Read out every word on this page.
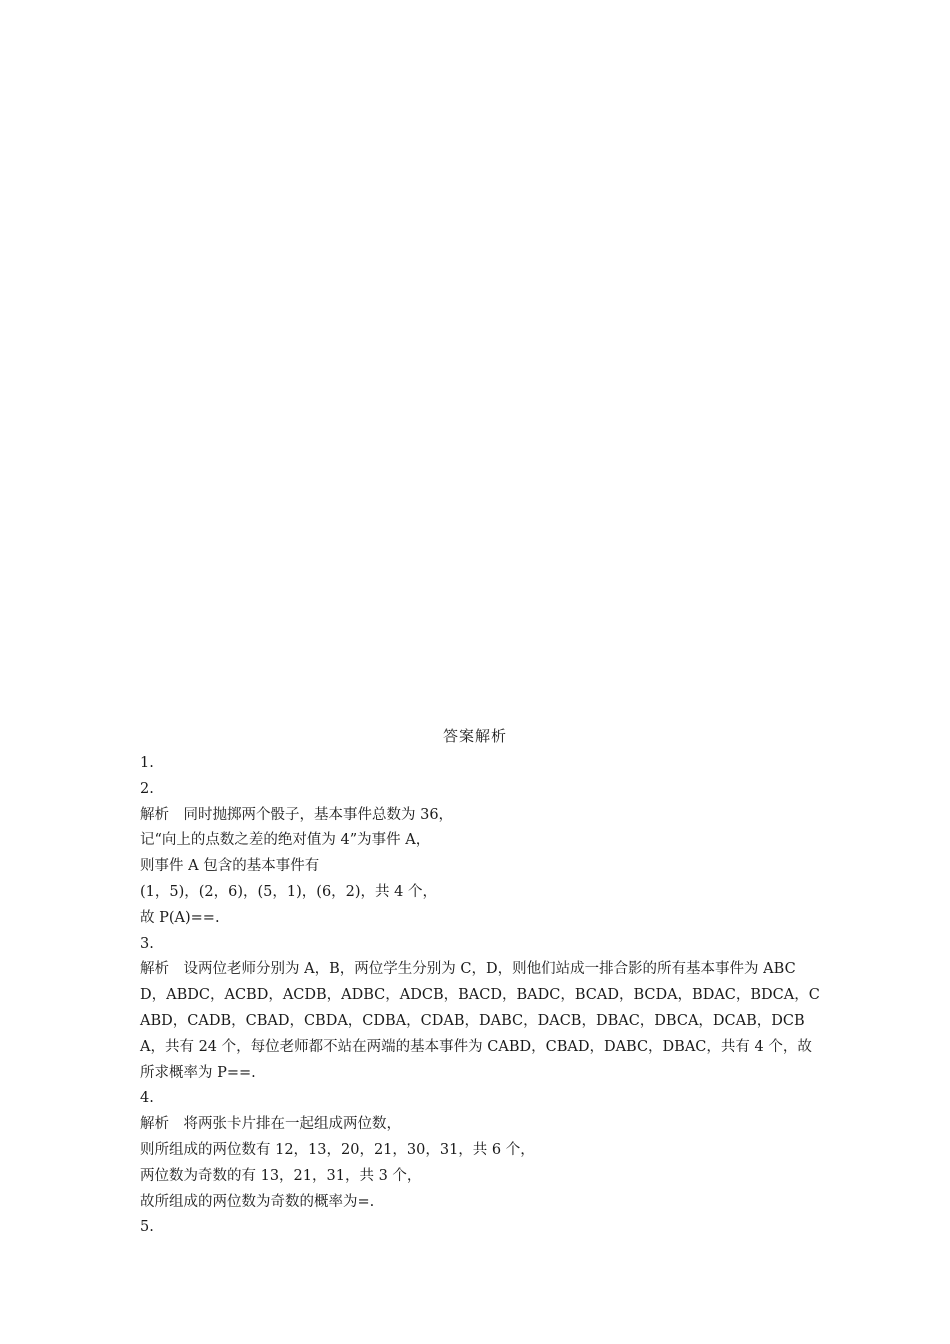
答案解析

1.

2.

解析　同时抛掷两个骰子，基本事件总数为 36，

记“向上的点数之差的绝对值为 4”为事件 A，

则事件 A 包含的基本事件有

(1，5)，(2，6)，(5，1)，(6，2)，共 4 个，

故 P(A)==.

3.

解析　设两位老师分别为 A，B，两位学生分别为 C，D，则他们站成一排合影的所有基本事件为 ABCD，ABDC，ACBD，ACDB，ADBC，ADCB，BACD，BADC，BCAD，BCDA，BDAC，BDCA，CABD，CADB，CBAD，CBDA，CDBA，CDAB，DABC，DACB，DBAC，DBCA，DCAB，DCBA，共有 24 个，每位老师都不站在两端的基本事件为 CABD，CBAD，DABC，DBAC，共有 4 个，故所求概率为 P==.

4.

解析　将两张卡片排在一起组成两位数，

则所组成的两位数有 12，13，20，21，30，31，共 6 个，

两位数为奇数的有 13，21，31，共 3 个，

故所组成的两位数为奇数的概率为=.

5.
